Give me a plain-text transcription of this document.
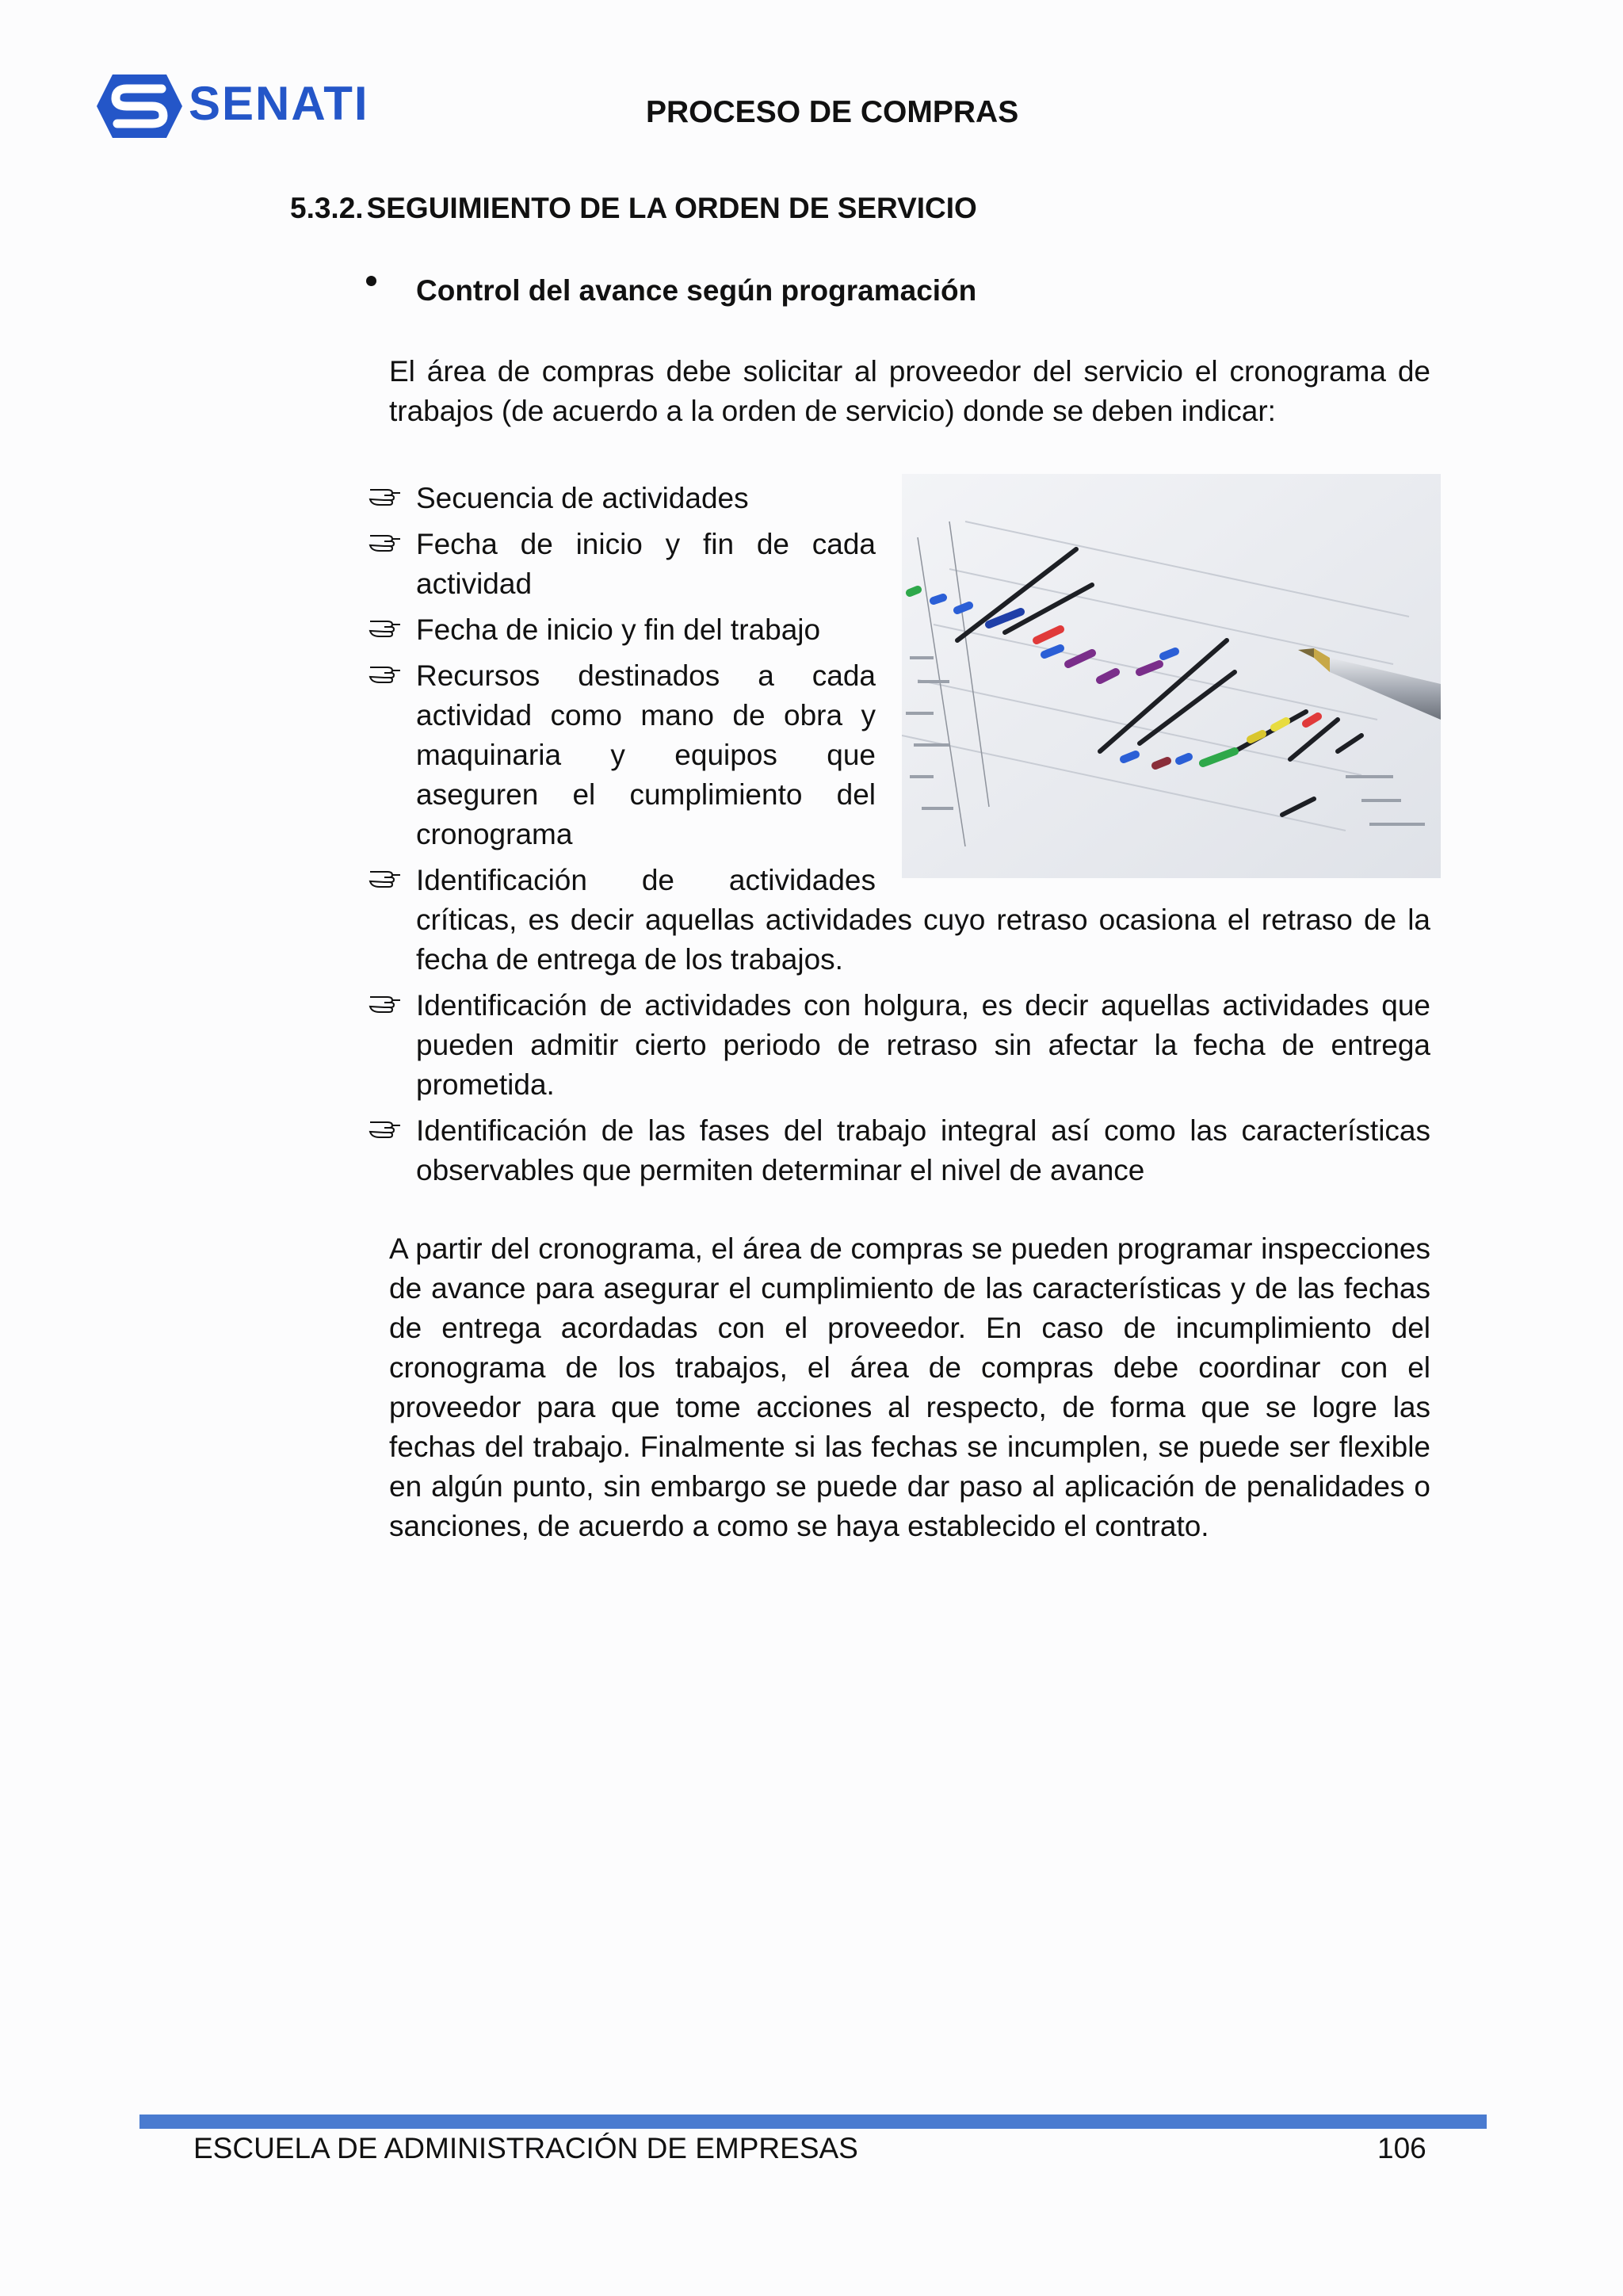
SENATI	PROCESO DE COMPRAS
5.3.2. SEGUIMIENTO DE LA ORDEN DE SERVICIO
Control del avance según programación
El área de compras debe solicitar al proveedor del servicio el cronograma de trabajos (de acuerdo a la orden de servicio) donde se deben indicar:
Secuencia de actividades
Fecha de inicio y fin de cada actividad
Fecha de inicio y fin del trabajo
Recursos destinados a cada actividad como mano de obra y maquinaria y equipos que aseguren el cumplimiento del cronograma
Identificación de actividades
críticas, es decir aquellas actividades cuyo retraso ocasiona el retraso de la fecha de entrega de los trabajos.
Identificación de actividades con holgura, es decir aquellas actividades que pueden admitir cierto periodo de retraso sin afectar la fecha de entrega prometida.
Identificación de las fases del trabajo integral así como las características observables que permiten determinar el nivel de avance
A partir del cronograma, el área de compras se pueden programar inspecciones de avance para asegurar el cumplimiento de las características y de las fechas de entrega acordadas con el proveedor. En caso de incumplimiento del cronograma de los trabajos, el área de compras debe coordinar con el proveedor para que tome acciones al respecto, de forma que se logre las fechas del trabajo. Finalmente si las fechas se incumplen, se puede ser flexible en algún punto, sin embargo se puede dar paso al aplicación de penalidades o sanciones, de acuerdo a como se haya establecido el contrato.
ESCUELA DE ADMINISTRACIÓN DE EMPRESAS	106
